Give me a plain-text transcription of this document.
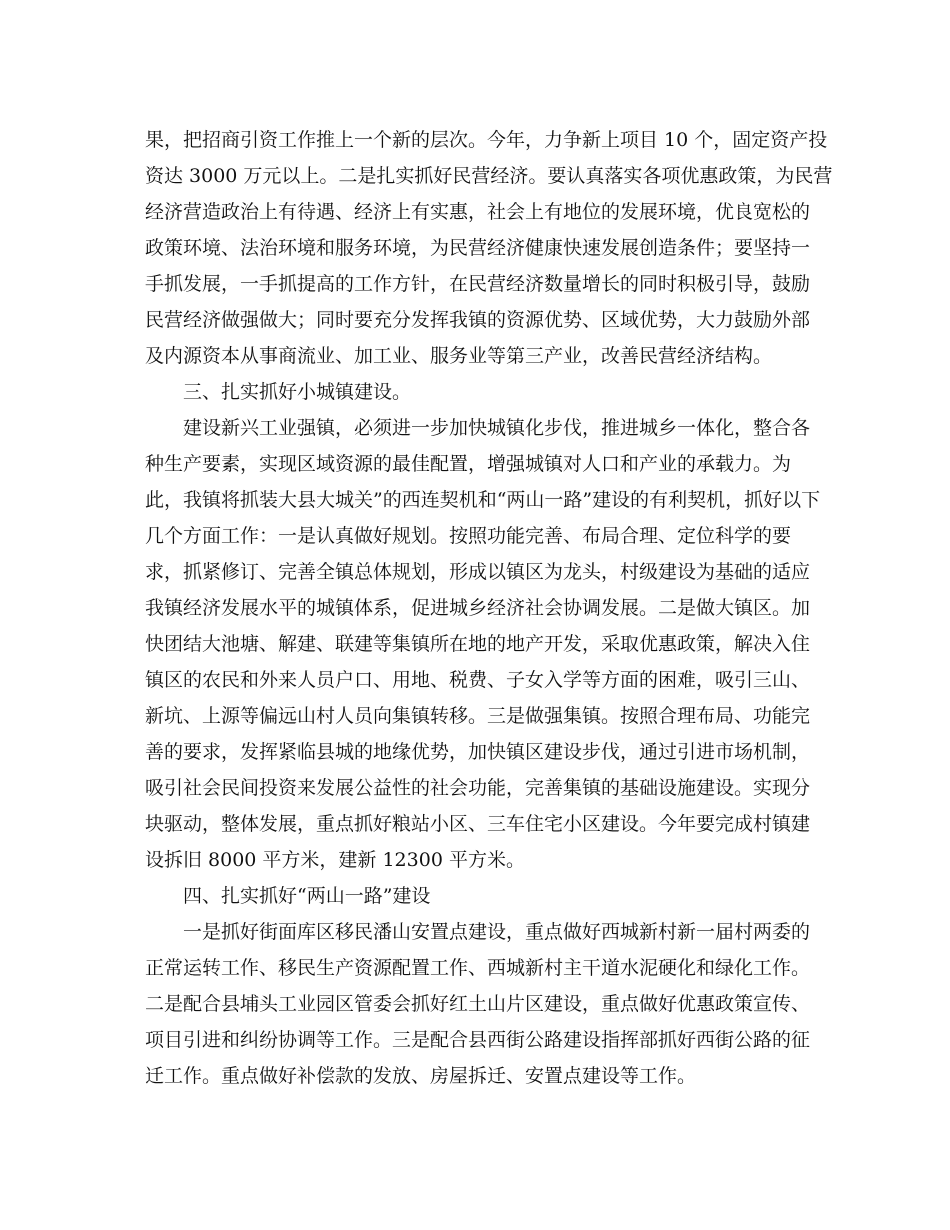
果，把招商引资工作推上一个新的层次。今年，力争新上项目 10 个，固定资产投
资达 3000 万元以上。二是扎实抓好民营经济。要认真落实各项优惠政策，为民营
经济营造政治上有待遇、经济上有实惠，社会上有地位的发展环境，优良宽松的
政策环境、法治环境和服务环境，为民营经济健康快速发展创造条件；要坚持一
手抓发展，一手抓提高的工作方针，在民营经济数量增长的同时积极引导，鼓励
民营经济做强做大；同时要充分发挥我镇的资源优势、区域优势，大力鼓励外部
及内源资本从事商流业、加工业、服务业等第三产业，改善民营经济结构。
三、扎实抓好小城镇建设。
建设新兴工业强镇，必须进一步加快城镇化步伐，推进城乡一体化，整合各
种生产要素，实现区域资源的最佳配置，增强城镇对人口和产业的承载力。为
此，我镇将抓装大县大城关”的西连契机和“两山一路”建设的有利契机，抓好以下
几个方面工作：一是认真做好规划。按照功能完善、布局合理、定位科学的要
求，抓紧修订、完善全镇总体规划，形成以镇区为龙头，村级建设为基础的适应
我镇经济发展水平的城镇体系，促进城乡经济社会协调发展。二是做大镇区。加
快团结大池塘、解建、联建等集镇所在地的地产开发，采取优惠政策，解决入住
镇区的农民和外来人员户口、用地、税费、子女入学等方面的困难，吸引三山、
新坑、上源等偏远山村人员向集镇转移。三是做强集镇。按照合理布局、功能完
善的要求，发挥紧临县城的地缘优势，加快镇区建设步伐，通过引进市场机制，
吸引社会民间投资来发展公益性的社会功能，完善集镇的基础设施建设。实现分
块驱动，整体发展，重点抓好粮站小区、三车住宅小区建设。今年要完成村镇建
设拆旧 8000 平方米，建新 12300 平方米。
四、扎实抓好“两山一路”建设
一是抓好街面库区移民潘山安置点建设，重点做好西城新村新一届村两委的
正常运转工作、移民生产资源配置工作、西城新村主干道水泥硬化和绿化工作。
二是配合县埔头工业园区管委会抓好红土山片区建设，重点做好优惠政策宣传、
项目引进和纠纷协调等工作。三是配合县西街公路建设指挥部抓好西街公路的征
迁工作。重点做好补偿款的发放、房屋拆迁、安置点建设等工作。
